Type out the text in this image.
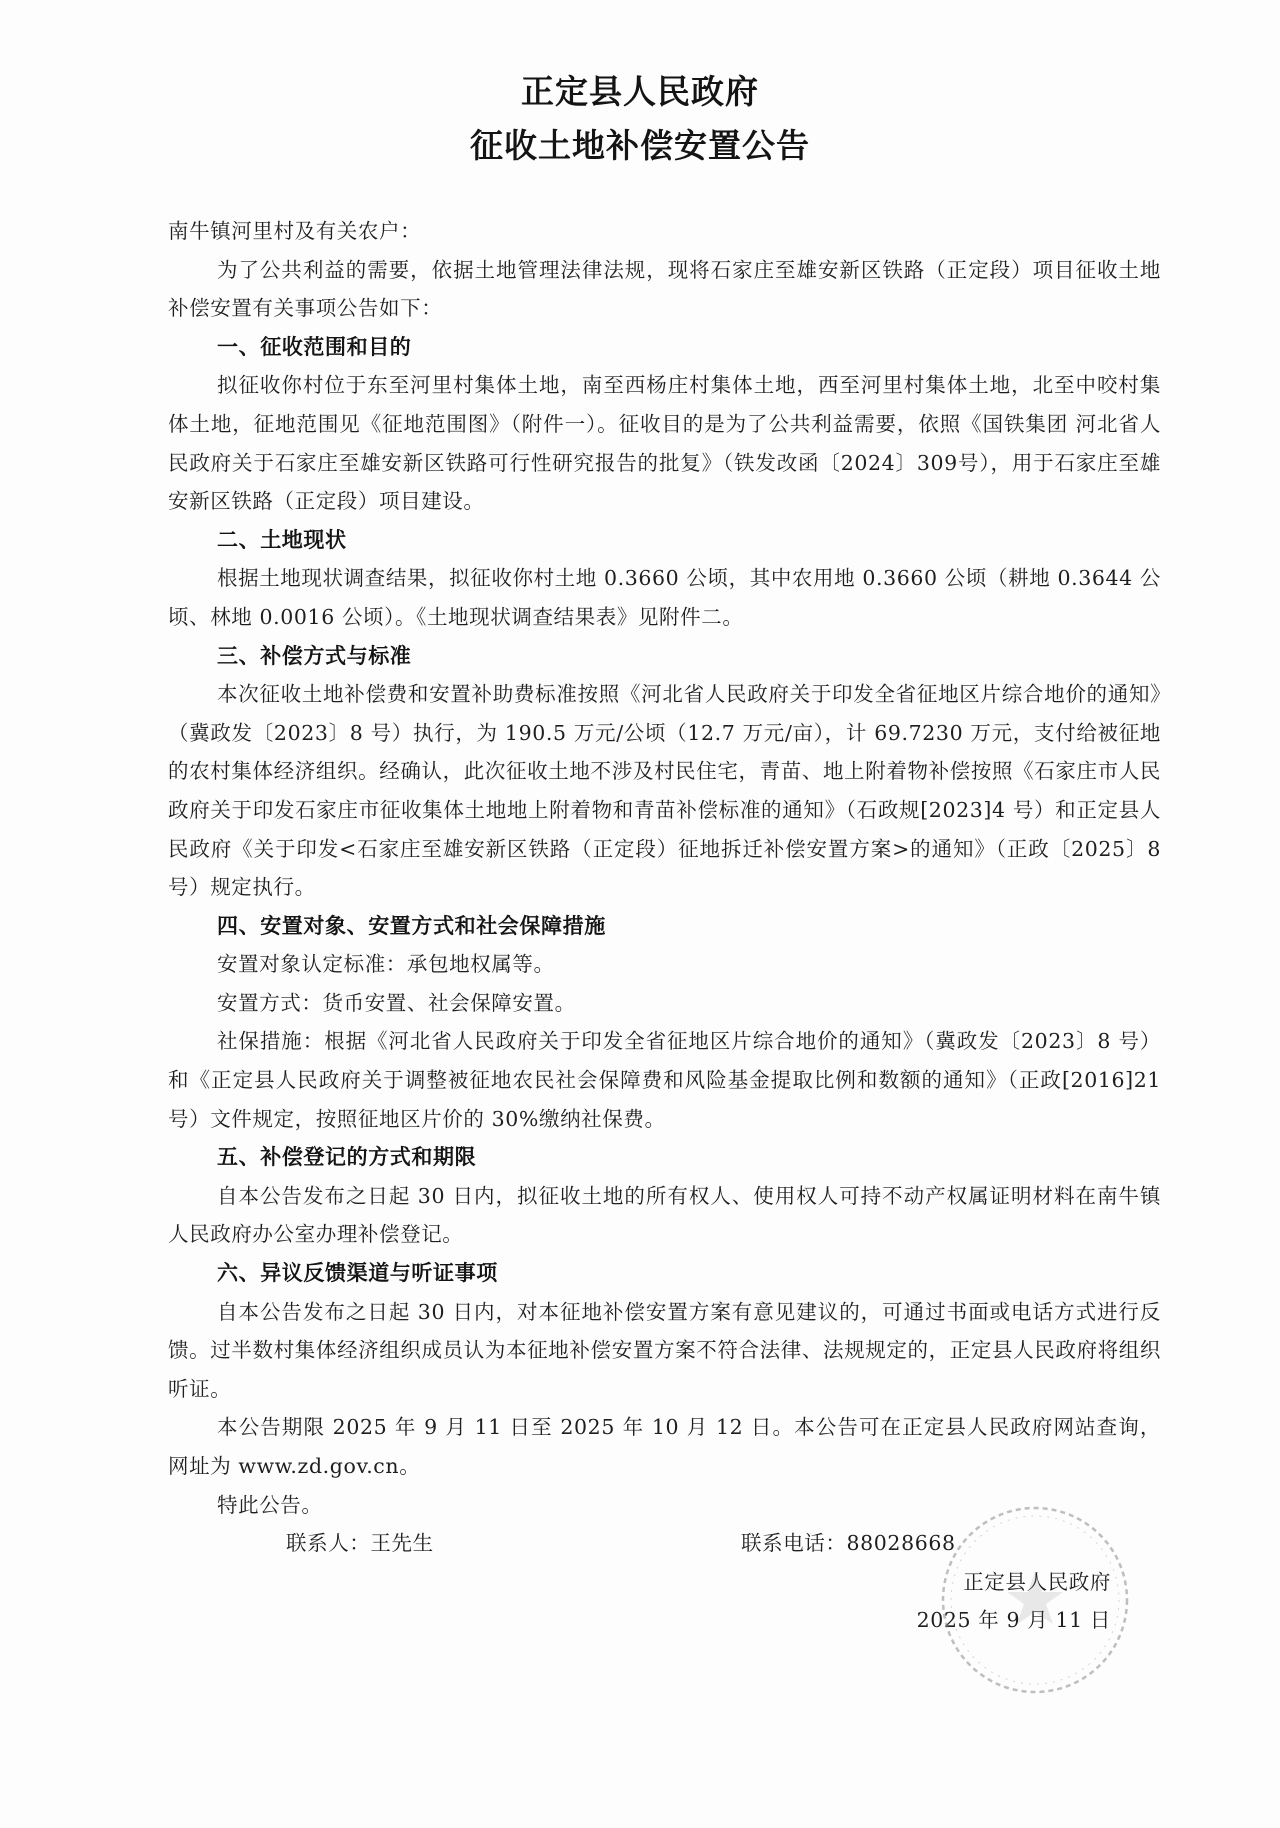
正定县人民政府
征收土地补偿安置公告

南牛镇河里村及有关农户：

为了公共利益的需要，依据土地管理法律法规，现将石家庄至雄安新区铁路（正定段）项目征收土地补偿安置有关事项公告如下：

一、征收范围和目的

拟征收你村位于东至河里村集体土地，南至西杨庄村集体土地，西至河里村集体土地，北至中咬村集体土地，征地范围见《征地范围图》（附件一）。征收目的是为了公共利益需要，依照《国铁集团 河北省人民政府关于石家庄至雄安新区铁路可行性研究报告的批复》（铁发改函〔2024〕309号），用于石家庄至雄安新区铁路（正定段）项目建设。

二、土地现状

根据土地现状调查结果，拟征收你村土地 0.3660 公顷，其中农用地 0.3660 公顷（耕地 0.3644 公顷、林地 0.0016 公顷）。《土地现状调查结果表》见附件二。

三、补偿方式与标准

本次征收土地补偿费和安置补助费标准按照《河北省人民政府关于印发全省征地区片综合地价的通知》（冀政发〔2023〕8 号）执行，为 190.5 万元/公顷（12.7 万元/亩），计 69.7230 万元，支付给被征地的农村集体经济组织。经确认，此次征收土地不涉及村民住宅，青苗、地上附着物补偿按照《石家庄市人民政府关于印发石家庄市征收集体土地地上附着物和青苗补偿标准的通知》（石政规[2023]4 号）和正定县人民政府《关于印发<石家庄至雄安新区铁路（正定段）征地拆迁补偿安置方案>的通知》（正政〔2025〕8 号）规定执行。

四、安置对象、安置方式和社会保障措施

安置对象认定标准：承包地权属等。

安置方式：货币安置、社会保障安置。

社保措施：根据《河北省人民政府关于印发全省征地区片综合地价的通知》（冀政发〔2023〕8 号）和《正定县人民政府关于调整被征地农民社会保障费和风险基金提取比例和数额的通知》（正政[2016]21 号）文件规定，按照征地区片价的 30%缴纳社保费。

五、补偿登记的方式和期限

自本公告发布之日起 30 日内，拟征收土地的所有权人、使用权人可持不动产权属证明材料在南牛镇人民政府办公室办理补偿登记。

六、异议反馈渠道与听证事项

自本公告发布之日起 30 日内，对本征地补偿安置方案有意见建议的，可通过书面或电话方式进行反馈。过半数村集体经济组织成员认为本征地补偿安置方案不符合法律、法规规定的，正定县人民政府将组织听证。

本公告期限 2025 年 9 月 11 日至 2025 年 10 月 12 日。本公告可在正定县人民政府网站查询，网址为 www.zd.gov.cn。

特此公告。

联系人：王先生	联系电话：88028668

正定县人民政府

2025 年 9 月 11 日
